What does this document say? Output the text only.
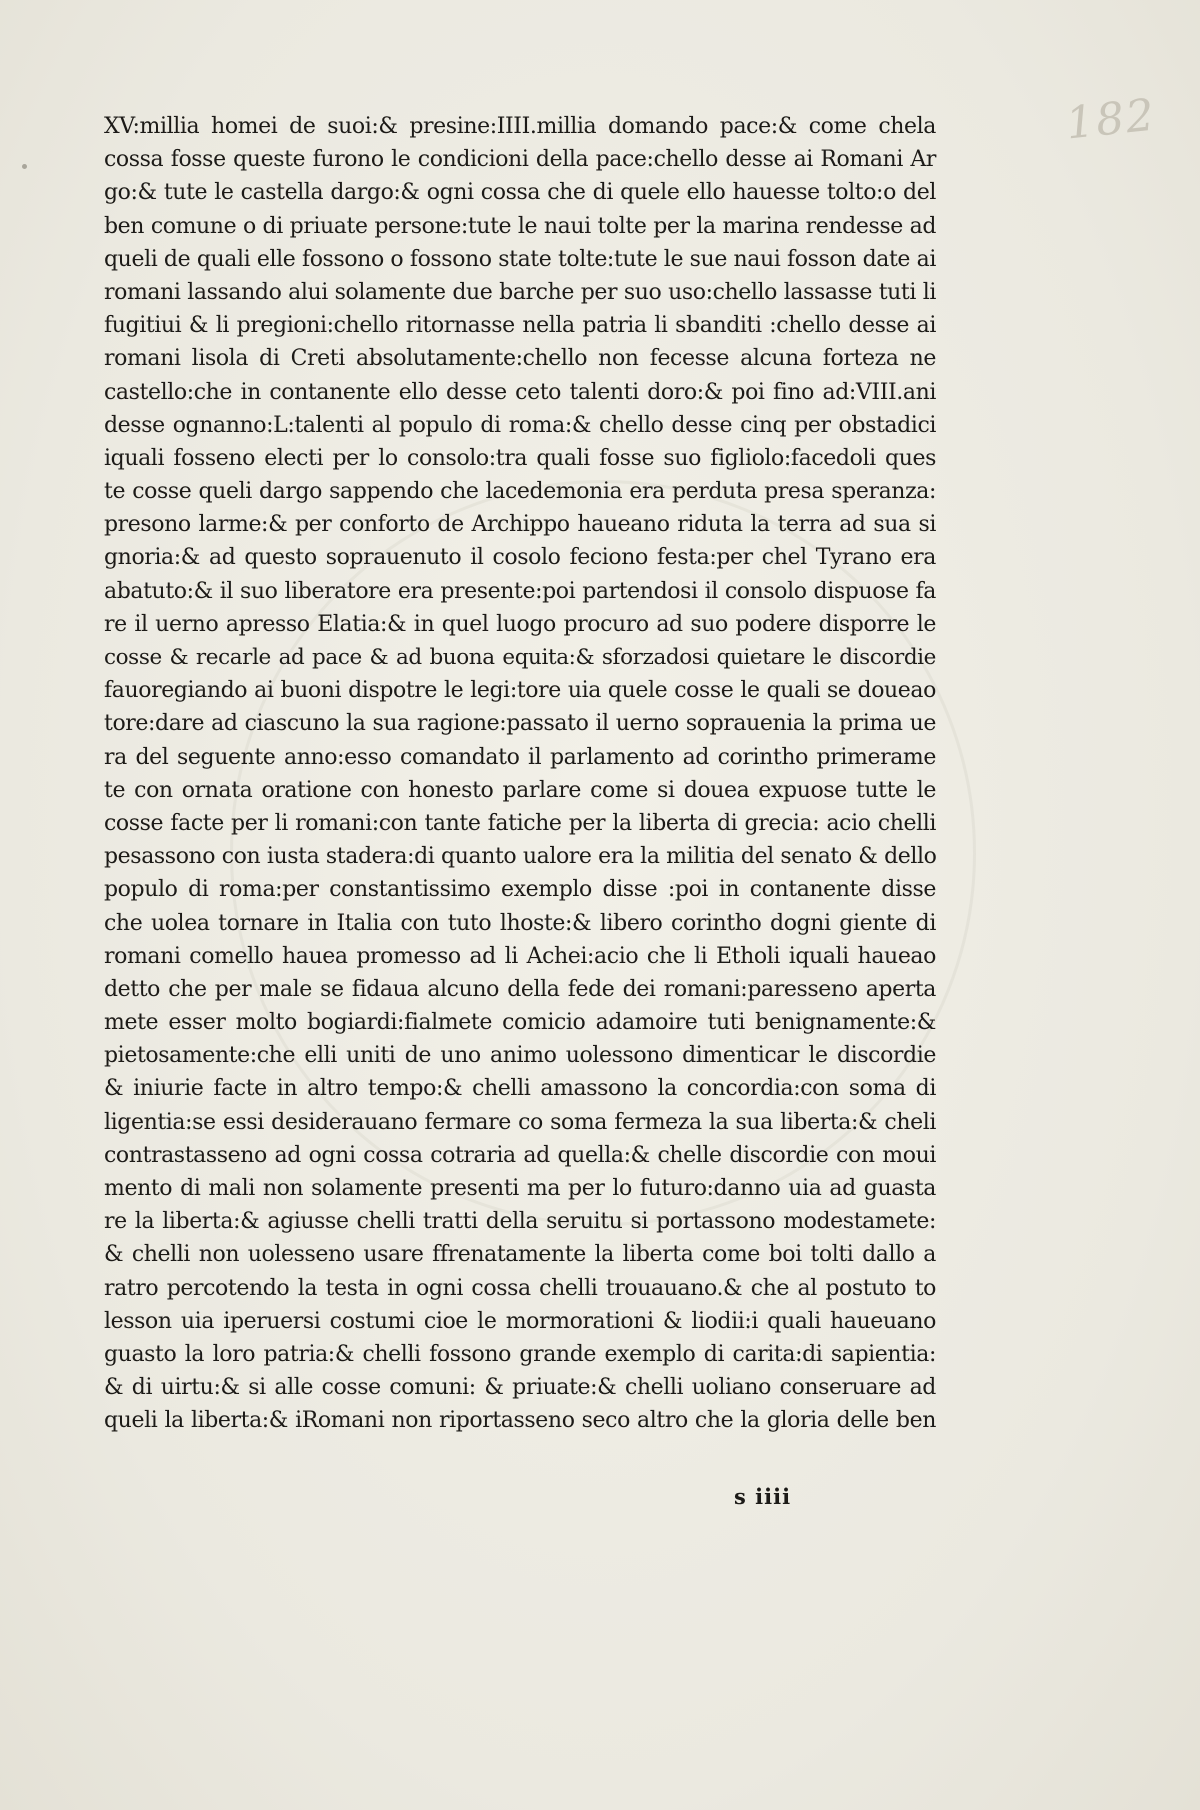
182
XV:millia homei de suoi:& presine:IIII.millia domando pace:& come chela
cossa fosse queste furono le condicioni della pace:chello desse ai Romani Ar
go:& tute le castella dargo:& ogni cossa che di quele ello hauesse tolto:o del
ben comune o di priuate persone:tute le naui tolte per la marina rendesse ad
queli de quali elle fossono o fossono state tolte:tute le sue naui fosson date ai
romani lassando alui solamente due barche per suo uso:chello lassasse tuti li
fugitiui & li pregioni:chello ritornasse nella patria li sbanditi :chello desse ai
romani lisola di Creti absolutamente:chello non fecesse alcuna forteza ne
castello:che in contanente ello desse ceto talenti doro:& poi fino ad:VIII.ani
desse ognanno:L:talenti al populo di roma:& chello desse cinq per obstadici
iquali fosseno electi per lo consolo:tra quali fosse suo figliolo:facedoli ques
te cosse queli dargo sappendo che lacedemonia era perduta presa speranza:
presono larme:& per conforto de Archippo haueano riduta la terra ad sua si
gnoria:& ad questo soprauenuto il cosolo feciono festa:per chel Tyrano era
abatuto:& il suo liberatore era presente:poi partendosi il consolo dispuose fa
re il uerno apresso Elatia:& in quel luogo procuro ad suo podere disporre le
cosse & recarle ad pace & ad buona equita:& sforzadosi quietare le discordie
fauoregiando ai buoni dispotre le legi:tore uia quele cosse le quali se doueao
tore:dare ad ciascuno la sua ragione:passato il uerno soprauenia la prima ue
ra del seguente anno:esso comandato il parlamento ad corintho primerame
te con ornata oratione con honesto parlare come si douea expuose tutte le
cosse facte per li romani:con tante fatiche per la liberta di grecia: acio chelli
pesassono con iusta stadera:di quanto ualore era la militia del senato & dello
populo di roma:per constantissimo exemplo disse :poi in contanente disse
che uolea tornare in Italia con tuto lhoste:& libero corintho dogni giente di
romani comello hauea promesso ad li Achei:acio che li Etholi iquali haueao
detto che per male se fidaua alcuno della fede dei romani:paresseno aperta
mete esser molto bogiardi:fialmete comicio adamoire tuti benignamente:&
pietosamente:che elli uniti de uno animo uolessono dimenticar le discordie
& iniurie facte in altro tempo:& chelli amassono la concordia:con soma di
ligentia:se essi desiderauano fermare co soma fermeza la sua liberta:& cheli
contrastasseno ad ogni cossa cotraria ad quella:& chelle discordie con moui
mento di mali non solamente presenti ma per lo futuro:danno uia ad guasta
re la liberta:& agiusse chelli tratti della seruitu si portassono modestamete:
& chelli non uolesseno usare ffrenatamente la liberta come boi tolti dallo a
ratro percotendo la testa in ogni cossa chelli trouauano.& che al postuto to
lesson uia iperuersi costumi cioe le mormorationi & liodii:i quali haueuano
guasto la loro patria:& chelli fossono grande exemplo di carita:di sapientia:
& di uirtu:& si alle cosse comuni: & priuate:& chelli uoliano conseruare ad
queli la liberta:& iRomani non riportasseno seco altro che la gloria delle ben
s iiii
